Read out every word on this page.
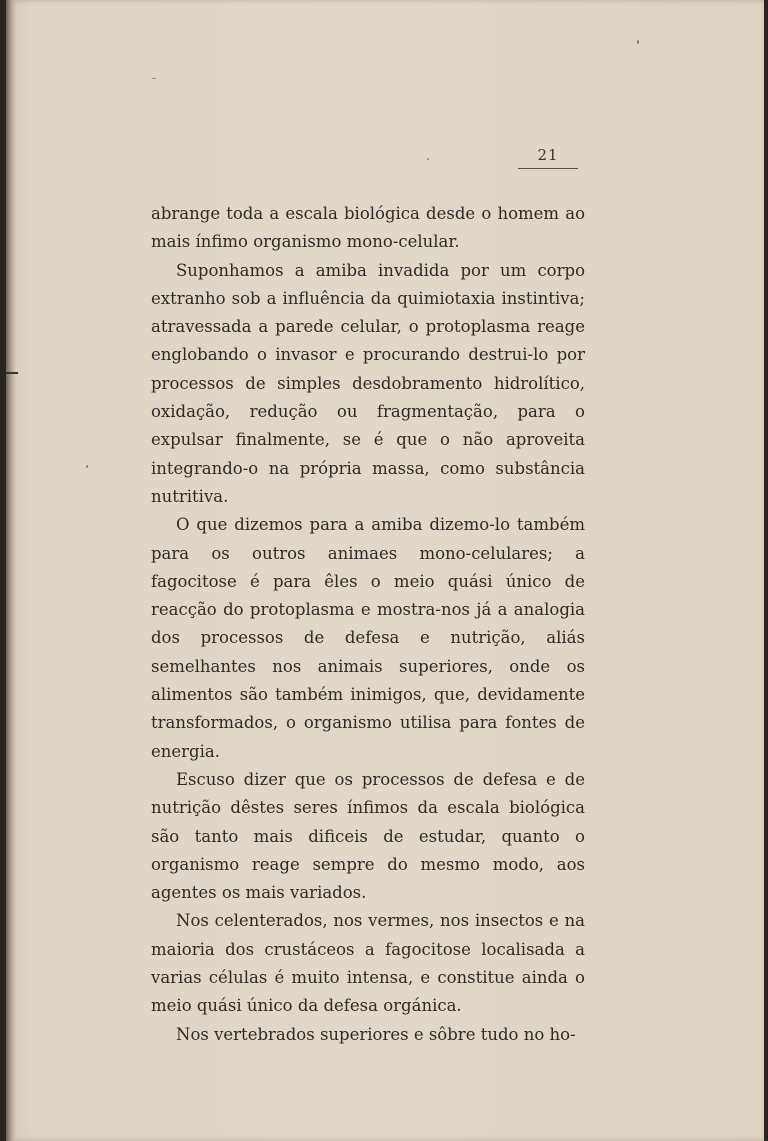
21

abrange toda a escala biológica desde o homem ao mais ínfimo organismo mono-celular.

Suponhamos a amiba invadida por um corpo extranho sob a influência da quimiotaxia instintiva; atravessada a parede celular, o protoplasma reage englobando o invasor e procurando destrui-lo por processos de simples desdobramento hidrolítico, oxidação, redução ou fragmentação, para o expulsar finalmente, se é que o não aproveita integrando-o na própria massa, como substância nutritiva.

O que dizemos para a amiba dizemo-lo também para os outros animaes mono-celulares; a fagocitose é para êles o meio quási único de reacção do protoplasma e mostra-nos já a analogia dos processos de defesa e nutrição, aliás semelhantes nos animais superiores, onde os alimentos são também inimigos, que, devidamente transformados, o organismo utilisa para fontes de energia.

Escuso dizer que os processos de defesa e de nutrição dêstes seres ínfimos da escala biológica são tanto mais dificeis de estudar, quanto o organismo reage sempre do mesmo modo, aos agentes os mais variados.

Nos celenterados, nos vermes, nos insectos e na maioria dos crustáceos a fagocitose localisada a varias células é muito intensa, e constitue ainda o meio quási único da defesa orgánica.

Nos vertebrados superiores e sôbre tudo no ho-
